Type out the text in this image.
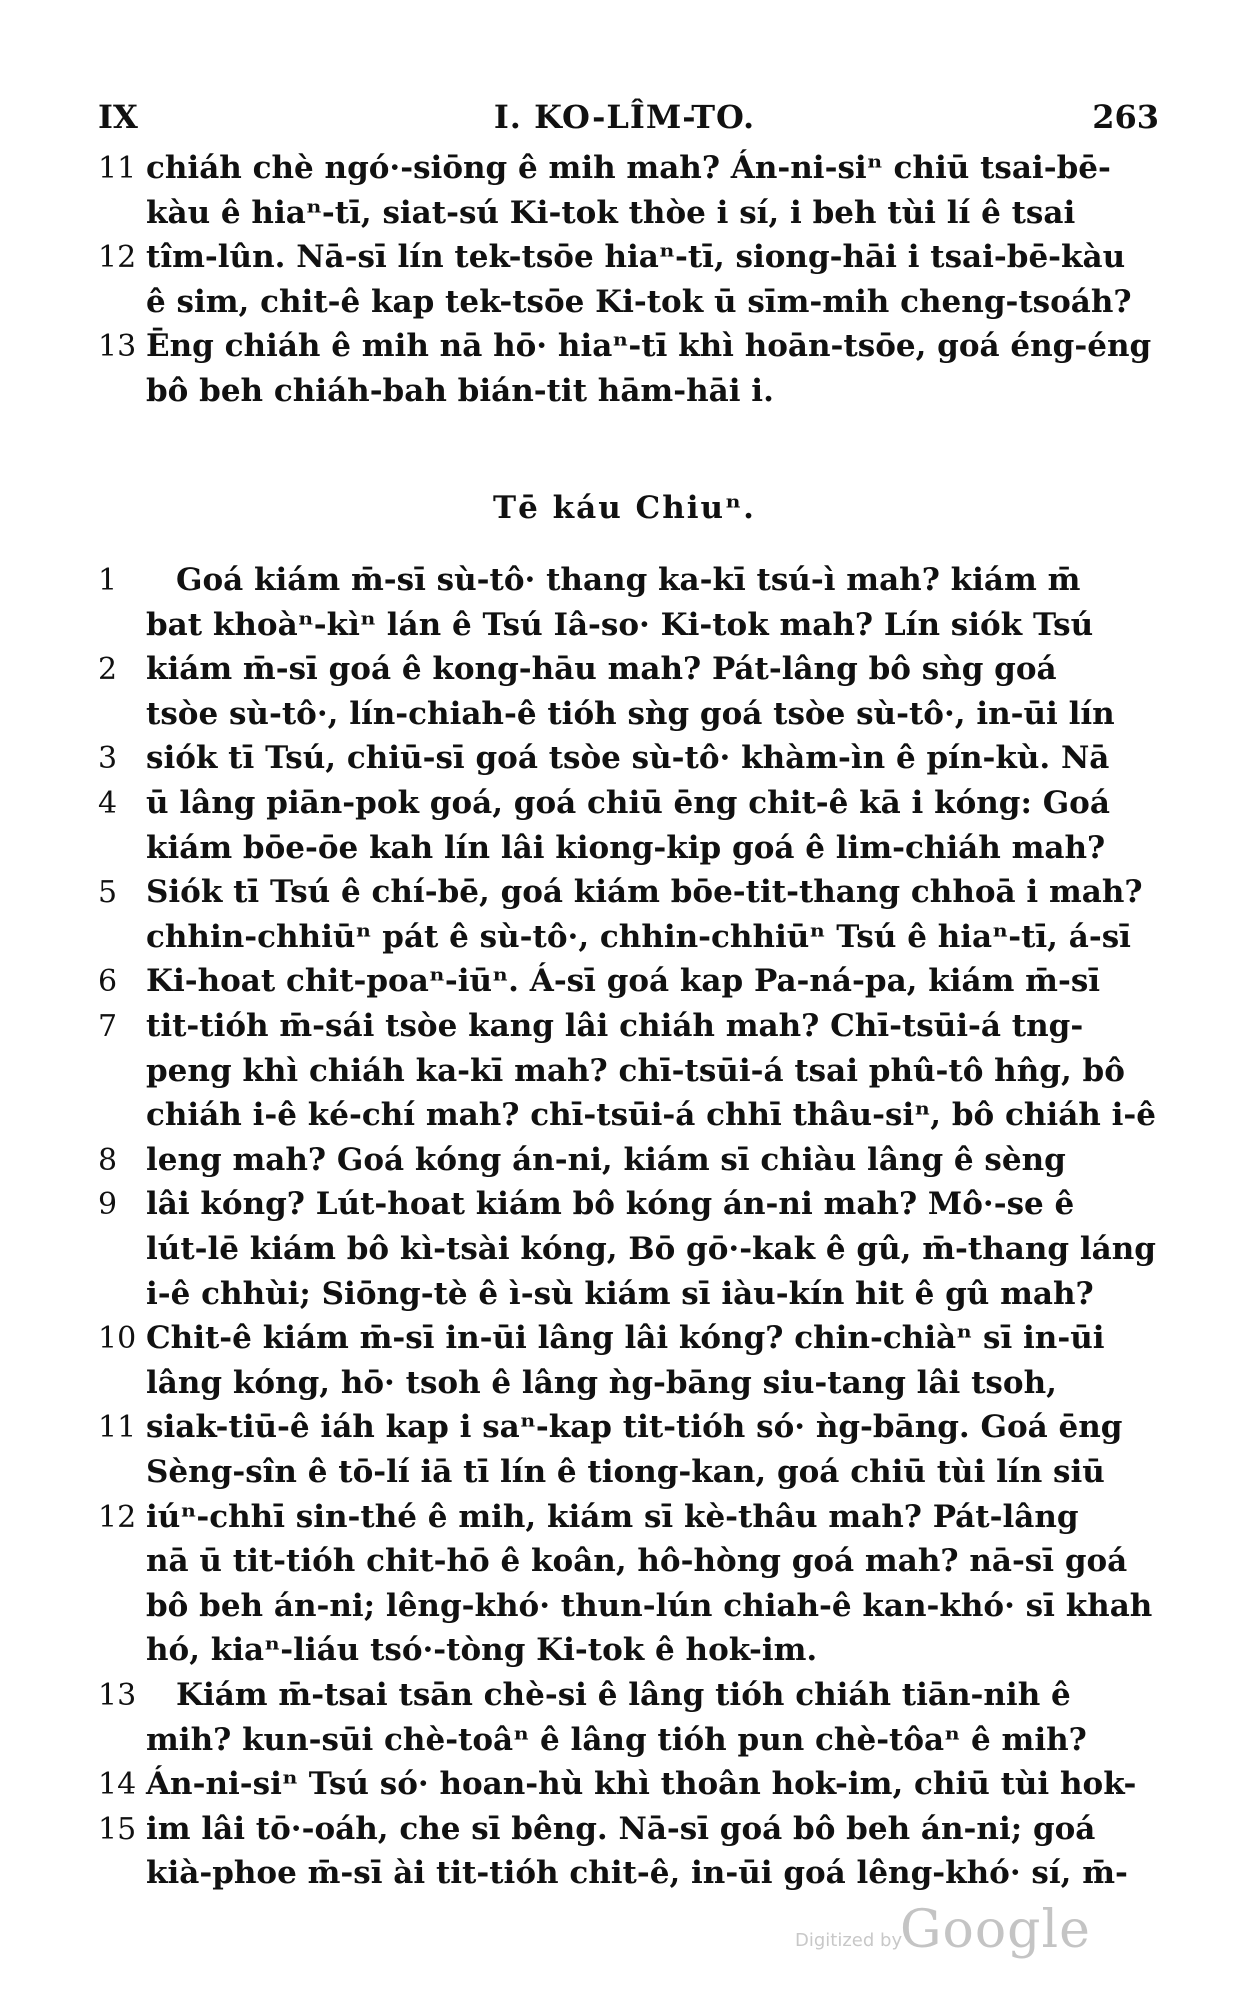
I. KO-LÎM-TO.
IX	263
Tē káu Chiuⁿ.
11 chiáh chè ngó·-siōng ê mih mah? Án-ni-siⁿ chiū tsai-bē-
kàu ê hiaⁿ-tī, siat-sú Ki-tok thòe i sí, i beh tùi lí ê tsai
12 tîm-lûn. Nā-sī lín tek-tsōe hiaⁿ-tī, siong-hāi i tsai-bē-kàu
ê sim, chit-ê kap tek-tsōe Ki-tok ū sīm-mih cheng-tsoáh?
13 Ēng chiáh ê mih nā hō· hiaⁿ-tī khì hoān-tsōe, goá éng-éng
bô beh chiáh-bah bián-tit hām-hāi i.
1 Goá kiám m̄-sī sù-tô· thang ka-kī tsú-ì mah? kiám m̄
bat khoàⁿ-kìⁿ lán ê Tsú Iâ-so· Ki-tok mah? Lín siók Tsú
2 kiám m̄-sī goá ê kong-hāu mah? Pát-lâng bô sǹg goá
tsòe sù-tô·, lín-chiah-ê tióh sǹg goá tsòe sù-tô·, in-ūi lín
3 siók tī Tsú, chiū-sī goá tsòe sù-tô· khàm-ìn ê pín-kù. Nā
4 ū lâng piān-pok goá, goá chiū ēng chit-ê kā i kóng: Goá
kiám bōe-ōe kah lín lâi kiong-kip goá ê lim-chiáh mah?
5 Siók tī Tsú ê chí-bē, goá kiám bōe-tit-thang chhoā i mah?
chhin-chhiūⁿ pát ê sù-tô·, chhin-chhiūⁿ Tsú ê hiaⁿ-tī, á-sī
6 Ki-hoat chit-poaⁿ-iūⁿ. Á-sī goá kap Pa-ná-pa, kiám m̄-sī
7 tit-tióh m̄-sái tsòe kang lâi chiáh mah? Chī-tsūi-á tng-
peng khì chiáh ka-kī mah? chī-tsūi-á tsai phû-tô hn̂g, bô
chiáh i-ê ké-chí mah? chī-tsūi-á chhī thâu-siⁿ, bô chiáh i-ê
8 leng mah? Goá kóng án-ni, kiám sī chiàu lâng ê sèng
9 lâi kóng? Lút-hoat kiám bô kóng án-ni mah? Mô·-se ê
lút-lē kiám bô kì-tsài kóng, Bō gō·-kak ê gû, m̄-thang láng
i-ê chhùi; Siōng-tè ê ì-sù kiám sī iàu-kín hit ê gû mah?
10 Chit-ê kiám m̄-sī in-ūi lâng lâi kóng? chin-chiàⁿ sī in-ūi
lâng kóng, hō· tsoh ê lâng ǹg-bāng siu-tang lâi tsoh,
11 siak-tiū-ê iáh kap i saⁿ-kap tit-tióh só· ǹg-bāng. Goá ēng
Sèng-sîn ê tō-lí iā tī lín ê tiong-kan, goá chiū tùi lín siū
12 iúⁿ-chhī sin-thé ê mih, kiám sī kè-thâu mah? Pát-lâng
nā ū tit-tióh chit-hō ê koân, hô-hòng goá mah? nā-sī goá
bô beh án-ni; lêng-khó· thun-lún chiah-ê kan-khó· sī khah
hó, kiaⁿ-liáu tsó·-tòng Ki-tok ê hok-im.
13 Kiám m̄-tsai tsān chè-si ê lâng tióh chiáh tiān-nih ê
mih? kun-sūi chè-toâⁿ ê lâng tióh pun chè-tôaⁿ ê mih?
14 Án-ni-siⁿ Tsú só· hoan-hù khì thoân hok-im, chiū tùi hok-
15 im lâi tō·-oáh, che sī bêng. Nā-sī goá bô beh án-ni; goá
kià-phoe m̄-sī ài tit-tióh chit-ê, in-ūi goá lêng-khó· sí, m̄-
Digitized by
Google
